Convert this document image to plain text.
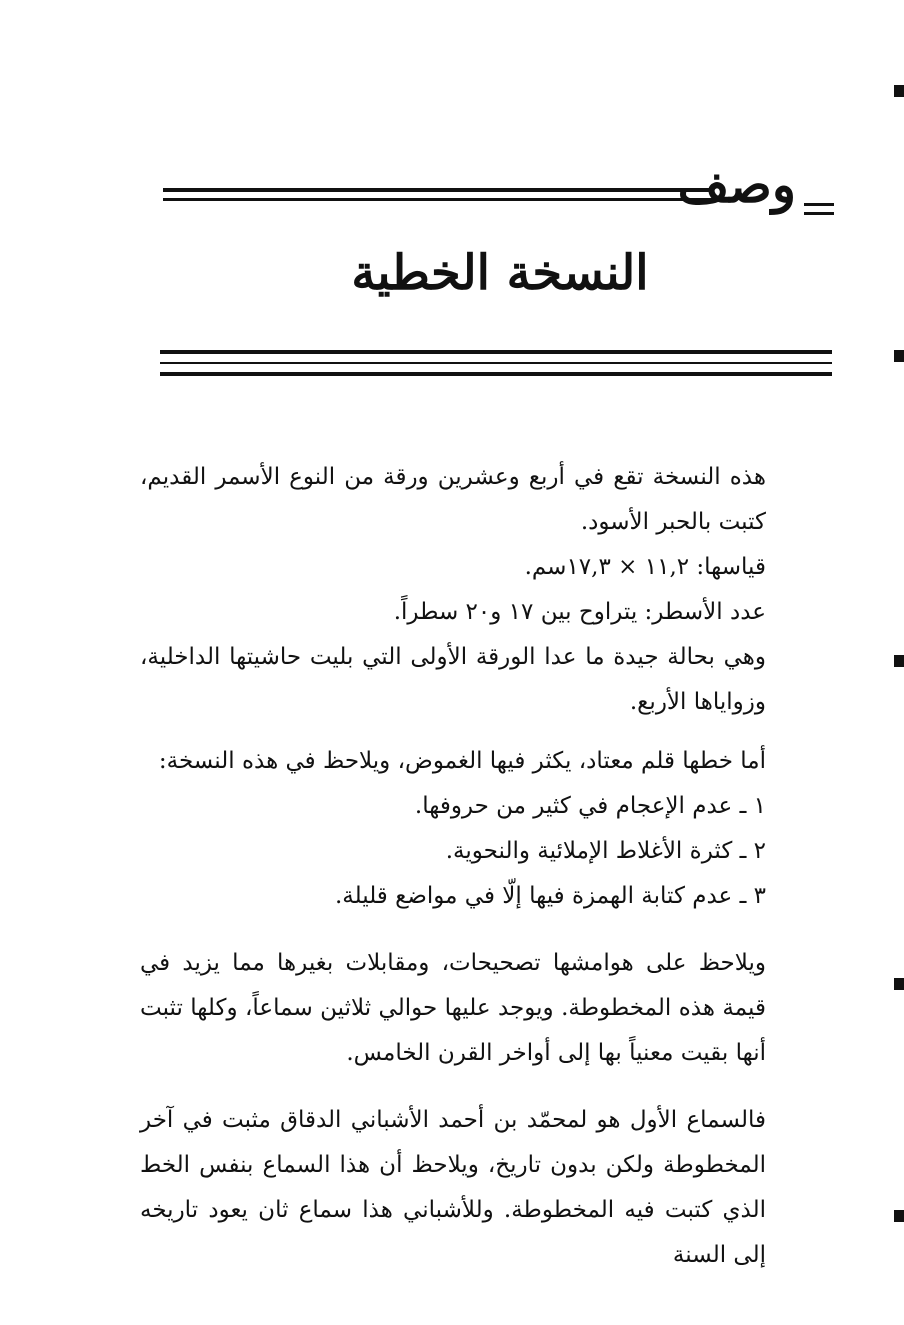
وصف
النسخة الخطية

هذه النسخة تقع في أربع وعشرين ورقة من النوع الأسمر القديم، كتبت بالحبر الأسود.

قياسها: ١١,٢ × ١٧,٣سم.

عدد الأسطر: يتراوح بين ١٧ و٢٠ سطراً.

وهي بحالة جيدة ما عدا الورقة الأولى التي بليت حاشيتها الداخلية، وزواياها الأربع.

أما خطها قلم معتاد، يكثر فيها الغموض، ويلاحظ في هذه النسخة:

١ ـ عدم الإعجام في كثير من حروفها.

٢ ـ كثرة الأغلاط الإملائية والنحوية.

٣ ـ عدم كتابة الهمزة فيها إلّا في مواضع قليلة.

ويلاحظ على هوامشها تصحيحات، ومقابلات بغيرها مما يزيد في قيمة هذه المخطوطة. ويوجد عليها حوالي ثلاثين سماعاً، وكلها تثبت أنها بقيت معنياً بها إلى أواخر القرن الخامس.

فالسماع الأول هو لمحمّد بن أحمد الأشباني الدقاق مثبت في آخر المخطوطة ولكن بدون تاريخ، ويلاحظ أن هذا السماع بنفس الخط الذي كتبت فيه المخطوطة. وللأشباني هذا سماع ثان يعود تاريخه إلى السنة
